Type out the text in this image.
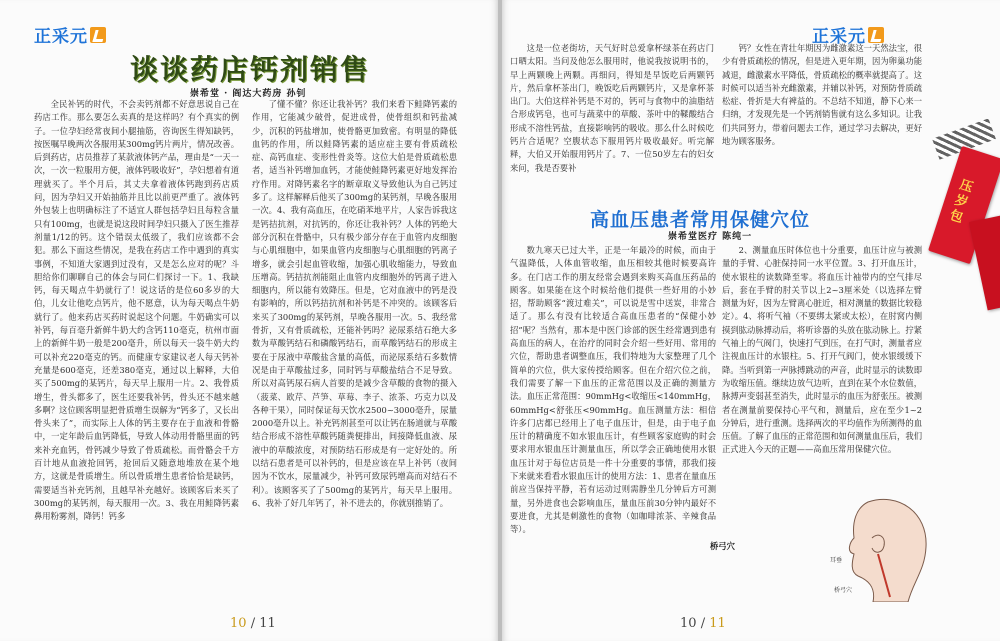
正采元
谈谈药店钙剂销售
崇希堂 · 阎达大药房 孙钊

全民补钙的时代，不会卖钙剂都不好意思说自己在药店工作。那么要怎么卖真的是这样吗？有个真实的例子。一位孕妇经常夜间小腿抽筋，咨询医生得知缺钙，按医嘱早晚两次各服用某300mg钙片两片，情况改善。后到药店，店员推荐了某款液体钙产品，理由是“一天一次，一次一粒服用方便，液体钙吸收好”，孕妇想着有道理就买了。半个月后，其丈夫拿着液体钙跑到药店质问，因为孕妇又开始抽筋并且比以前更严重了。液体钙外包装上也明确标注了不适宜人群包括孕妇且每粒含量只有100mg，也就是说这段时间孕妇只摄入了医生推荐剂量1/12的钙。这个错误太低级了，我们应该都不会犯。那么下面这些情况，是我在药店工作中遇到的真实事例，不知道大家遇到过没有，又是怎么应对的呢？斗胆给你们聊聊自己的体会与同仁们探讨一下。1、我缺钙，每天喝点牛奶就行了！说这话的是位60多岁的大伯，儿女让他吃点钙片，他不愿意，认为每天喝点牛奶就行了。他来药店买药时说起这个问题。牛奶确实可以补钙，每百毫升新鲜牛奶大约含钙110毫克，杭州市面上的新鲜牛奶一般是200毫升，所以每天一袋牛奶大约可以补充220毫克的钙。而健康专家建议老人每天钙补充量是600毫克，还差380毫克，通过以上解释，大伯买了500mg的某钙片，每天早上服用一片。2、我骨质增生，骨头都多了，医生还要我补钙，骨头还不越来越多啊？这位顾客明显把骨质增生误解为“钙多了，又长出骨头来了”，而实际上人体的钙主要存在于血液和骨骼中，一定年龄后血钙降低，导致人体动用骨骼里面的钙来补充血钙，骨钙减少导致了骨质疏松。而骨骼会千方百计地从血液抢回钙，抢回后又随意地堆放在某个地方，这就是骨质增生。所以骨质增生患者恰恰是缺钙，需要适当补充钙剂，且越早补充越好。该顾客后来买了300mg的某钙剂，每天服用一次。3、我在用鲑降钙素鼻用粉雾剂，降钙！钙多

了懂不懂？你还让我补钙？我们来看下鲑降钙素的作用，它能减少破骨，促进成骨，使骨组织和钙盐减少，沉积的钙盐增加，使骨骼更加致密。有明显的降低血钙的作用，所以鲑降钙素的适应症主要有骨质疏松症、高钙血症、变形性骨炎等。这位大伯是骨质疏松患者，适当补钙增加血钙，才能使鲑降钙素更好地发挥治疗作用。对降钙素名字的断章取义导致他认为自己钙过多了。这样解释后他买了300mg的某钙剂，早晚各服用一次。4、我有高血压，在吃硝苯地平片，人家告诉我这是钙拮抗剂，对抗钙的，你还让我补钙？人体的钙绝大部分沉积在骨骼中，只有极少部分存在于血管内皮细胞与心肌细胞中，如果血管内皮细胞与心肌细胞的钙离子增多，就会引起血管收缩，加强心肌收缩能力，导致血压增高。钙拮抗剂能阻止血管内皮细胞外的钙离子进入细胞内，所以能有效降压。但是，它对血液中的钙是没有影响的，所以钙拮抗剂和补钙是不冲突的。该顾客后来买了300mg的某钙剂，早晚各服用一次。5、我经常骨折，又有骨质疏松，还能补钙吗？泌尿系结石绝大多数为草酸钙结石和磷酸钙结石，而草酸钙结石的形成主要在于尿液中草酸盐含量的高低，而泌尿系结石多数情况是由于草酸盐过多，同时钙与草酸盐结合不足导致。所以对高钙尿石病人首要的是减少含草酸的食物的摄入（菠菜、欧芹、芦笋、草莓、李子、浓茶、巧克力以及各种干果），同时保证每天饮水2500~3000毫升，尿量2000毫升以上。补充钙剂甚至可以让钙在肠道就与草酸结合形成不溶性草酸钙随粪便排出，间接降低血液、尿液中的草酸浓度，对预防结石形成是有一定好处的。所以结石患者是可以补钙的，但是应该在早上补钙（夜间因为不饮水，尿量减少，补钙可致尿钙增高而对结石不利）。该顾客买了了500mg的某钙片，每天早上服用。6、我补了好几年钙了，补不进去的，你就别推销了。

10 / 11
正采元

这是一位老街坊，天气好时总爱拿杯绿茶在药店门口晒太阳。当问及他怎么服用时，他说我按说明书的，早上两颗晚上两颗。再细问，得知是早饭吃后两颗钙片，然后拿杯茶出门，晚饭吃后两颗钙片，又是拿杯茶出门。大伯这样补钙是不对的，钙可与食物中的油脂结合形成钙皂，也可与蔬菜中的草酸、茶叶中的鞣酸结合形成不溶性钙盐，直接影响钙的吸收。那么什么时候吃钙片合适呢？空腹状态下服用钙片吸收最好。听完解释，大伯又开始服用钙片了。7、一位50岁左右的妇女来问，我是否要补

钙？女性在青壮年期因为雌激素这一天然法宝，很少有骨质疏松的情况，但是进入更年期，因为卵巢功能减退，雌激素水平降低，骨质疏松的概率就提高了。这时候可以适当补充雌激素，并辅以补钙，对预防骨质疏松症、骨折是大有裨益的。不总结不知道，静下心来一归纳，才发现先是一个钙剂销售就有这么多知识。让我们共同努力，带着问题去工作，通过学习去解决，更好地为顾客服务。

高血压患者常用保健穴位
崇希堂医疗 陈纯一

数九寒天已过大半，正是一年最冷的时候，而由于气温降低，人体血管收缩，血压相较其他时候要高许多。在门店工作的朋友经常会遇到来购买高血压药品的顾客。如果能在这个时候给他们提供一些好用的小妙招，帮助顾客“渡过难关”，可以说是雪中送炭，非常合适了。那么有没有比较适合高血压患者的“保健小妙招”呢？当然有，那本是中医门诊部的医生经常遇到患有高血压的病人，在治疗的同时会介绍一些好用、常用的穴位，帮助患者调整血压，我们特地为大家整理了几个简单的穴位，供大家传授给顾客。但在介绍穴位之前，我们需要了解一下血压的正常范围以及正确的测量方法。血压正常范围：90mmHg<收缩压<140mmHg，60mmHg<舒张压<90mmHg。血压测量方法：相信许多门店都已经用上了电子血压计，但是，由于电子血压计的精确度不如水银血压计，有些顾客家庭购的时会要求用水银血压计测量血压，所以学会正确地使用水银血压计对于每位店员是一件十分重要的事情，那我们接下来就来看看水银血压计的使用方法：1、患者在量血压前应当保持平静，若有运动过则需静坐几分钟后方可测量，另外进食也会影响血压，量血压前30分钟内最好不要进食，尤其是刺激性的食物（如咖啡浓茶、辛辣食品等）。

2、测量血压时体位也十分重要，血压计应与被测量的手臂、心脏保持同一水平位置。3、打开血压计，使水银柱的读数降至零。将血压计袖带内的空气排尽后，套在手臂的肘关节以上2~3厘米处（以选择左臂测量为好，因为左臂离心脏近，相对测量的数据比较稳定）。4、将听气袖（不要绑太紧或太松），在肘窝内侧摸到肱动脉搏动后，将听诊器的头放在肱动脉上。拧紧气袖上的气阀门，快速打气到压，在打气时，测量者应注视血压计的水银柱。5、打开气阀门，使水银缓缓下降。当听到第一声脉搏跳动的声音，此时显示的读数即为收缩压值。继续边放气边听，直到在某个水位数值，脉搏声变弱甚至消失，此时显示的血压为舒张压。被测者在测量前要保持心平气和，测量后，应在至少1~2分钟后，进行重测。选择两次的平均值作为所测得的血压值。了解了血压的正常范围和如何测量血压后，我们正式进入今天的正题——高血压常用保健穴位。

桥弓穴
耳垂
桥弓穴
压岁包
10 / 11
